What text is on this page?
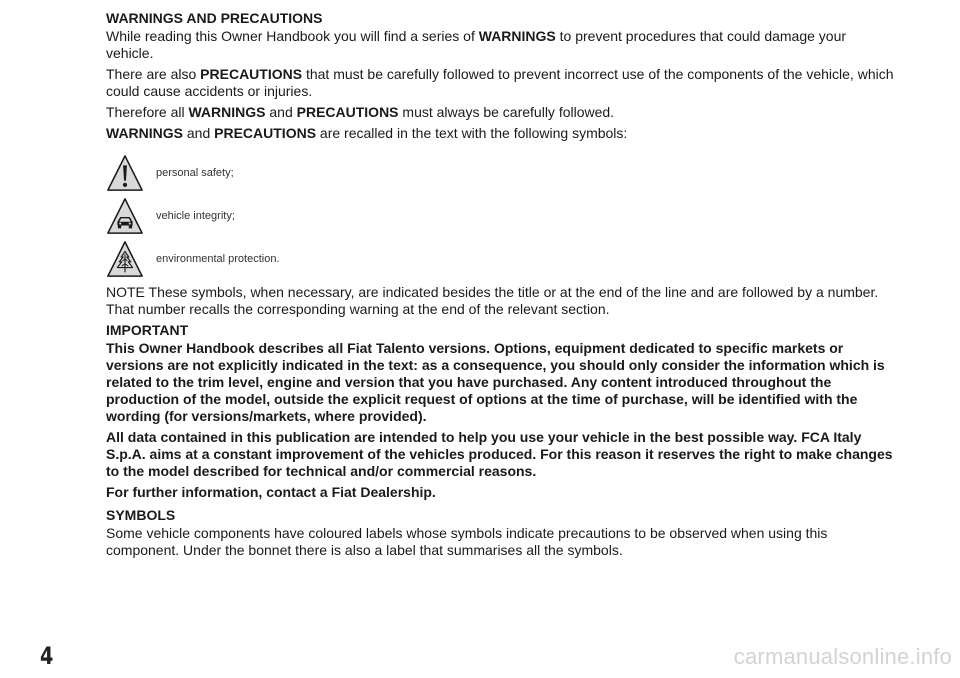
WARNINGS AND PRECAUTIONS

While reading this Owner Handbook you will find a series of WARNINGS to prevent procedures that could damage your vehicle.

There are also PRECAUTIONS that must be carefully followed to prevent incorrect use of the components of the vehicle, which could cause accidents or injuries.

Therefore all WARNINGS and PRECAUTIONS must always be carefully followed.

WARNINGS and PRECAUTIONS are recalled in the text with the following symbols:

personal safety;
vehicle integrity;
environmental protection.

NOTE These symbols, when necessary, are indicated besides the title or at the end of the line and are followed by a number. That number recalls the corresponding warning at the end of the relevant section.

IMPORTANT

This Owner Handbook describes all Fiat Talento versions. Options, equipment dedicated to specific markets or versions are not explicitly indicated in the text: as a consequence, you should only consider the information which is related to the trim level, engine and version that you have purchased. Any content introduced throughout the production of the model, outside the explicit request of options at the time of purchase, will be identified with the wording (for versions/markets, where provided).

All data contained in this publication are intended to help you use your vehicle in the best possible way. FCA Italy S.p.A. aims at a constant improvement of the vehicles produced. For this reason it reserves the right to make changes to the model described for technical and/or commercial reasons.

For further information, contact a Fiat Dealership.

SYMBOLS

Some vehicle components have coloured labels whose symbols indicate precautions to be observed when using this component. Under the bonnet there is also a label that summarises all the symbols.

4	carmanualsonline.info
